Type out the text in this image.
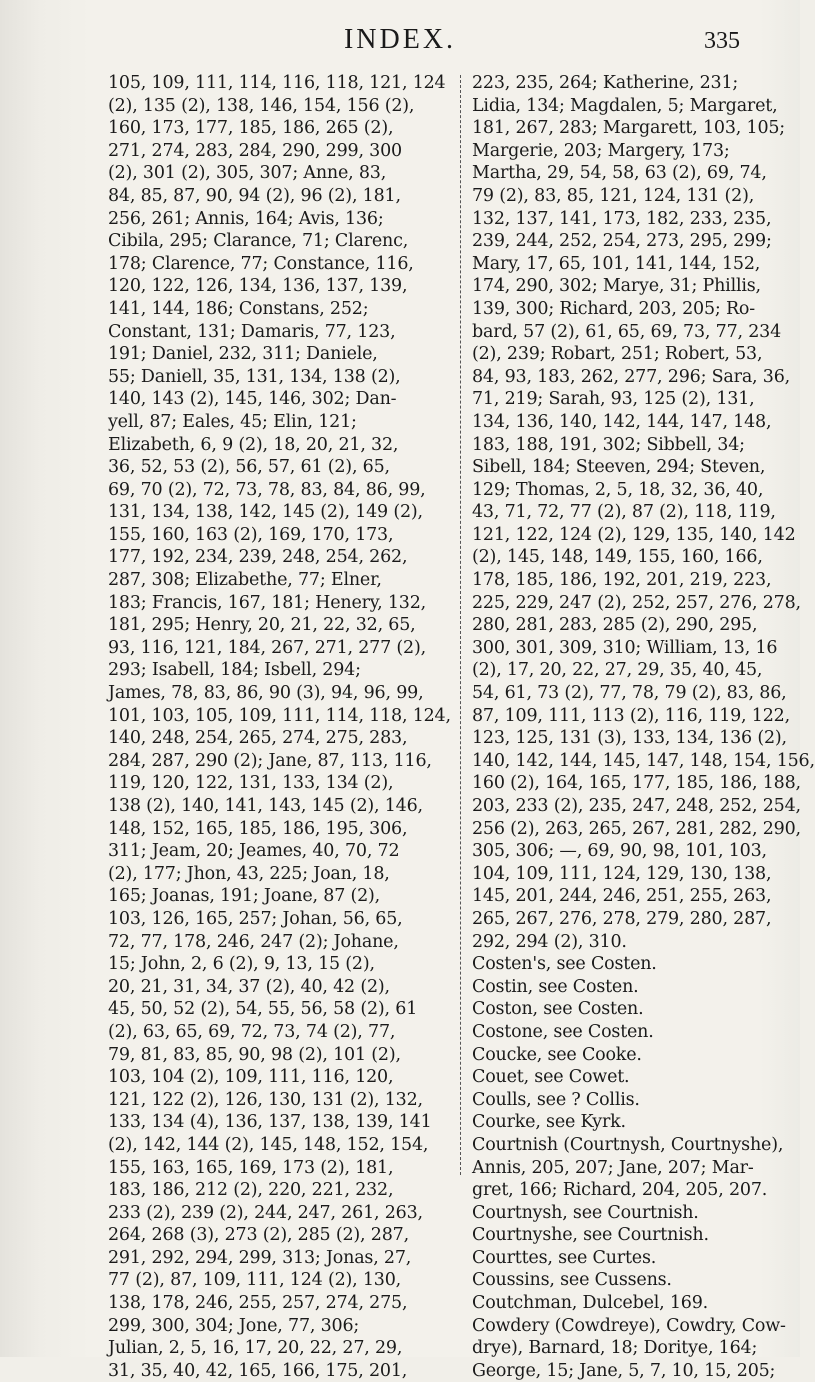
INDEX.	335
105, 109, 111, 114, 116, 118, 121, 124
(2), 135 (2), 138, 146, 154, 156 (2),
160, 173, 177, 185, 186, 265 (2),
271, 274, 283, 284, 290, 299, 300
(2), 301 (2), 305, 307; Anne, 83,
84, 85, 87, 90, 94 (2), 96 (2), 181,
256, 261; Annis, 164; Avis, 136;
Cibila, 295; Clarance, 71; Clarenc,
178; Clarence, 77; Constance, 116,
120, 122, 126, 134, 136, 137, 139,
141, 144, 186; Constans, 252;
Constant, 131; Damaris, 77, 123,
191; Daniel, 232, 311; Daniele,
55; Daniell, 35, 131, 134, 138 (2),
140, 143 (2), 145, 146, 302; Dan-
yell, 87; Eales, 45; Elin, 121;
Elizabeth, 6, 9 (2), 18, 20, 21, 32,
36, 52, 53 (2), 56, 57, 61 (2), 65,
69, 70 (2), 72, 73, 78, 83, 84, 86, 99,
131, 134, 138, 142, 145 (2), 149 (2),
155, 160, 163 (2), 169, 170, 173,
177, 192, 234, 239, 248, 254, 262,
287, 308; Elizabethe, 77; Elner,
183; Francis, 167, 181; Henery, 132,
181, 295; Henry, 20, 21, 22, 32, 65,
93, 116, 121, 184, 267, 271, 277 (2),
293; Isabell, 184; Isbell, 294;
James, 78, 83, 86, 90 (3), 94, 96, 99,
101, 103, 105, 109, 111, 114, 118, 124,
140, 248, 254, 265, 274, 275, 283,
284, 287, 290 (2); Jane, 87, 113, 116,
119, 120, 122, 131, 133, 134 (2),
138 (2), 140, 141, 143, 145 (2), 146,
148, 152, 165, 185, 186, 195, 306,
311; Jeam, 20; Jeames, 40, 70, 72
(2), 177; Jhon, 43, 225; Joan, 18,
165; Joanas, 191; Joane, 87 (2),
103, 126, 165, 257; Johan, 56, 65,
72, 77, 178, 246, 247 (2); Johane,
15; John, 2, 6 (2), 9, 13, 15 (2),
20, 21, 31, 34, 37 (2), 40, 42 (2),
45, 50, 52 (2), 54, 55, 56, 58 (2), 61
(2), 63, 65, 69, 72, 73, 74 (2), 77,
79, 81, 83, 85, 90, 98 (2), 101 (2),
103, 104 (2), 109, 111, 116, 120,
121, 122 (2), 126, 130, 131 (2), 132,
133, 134 (4), 136, 137, 138, 139, 141
(2), 142, 144 (2), 145, 148, 152, 154,
155, 163, 165, 169, 173 (2), 181,
183, 186, 212 (2), 220, 221, 232,
233 (2), 239 (2), 244, 247, 261, 263,
264, 268 (3), 273 (2), 285 (2), 287,
291, 292, 294, 299, 313; Jonas, 27,
77 (2), 87, 109, 111, 124 (2), 130,
138, 178, 246, 255, 257, 274, 275,
299, 300, 304; Jone, 77, 306;
Julian, 2, 5, 16, 17, 20, 22, 27, 29,
31, 35, 40, 42, 165, 166, 175, 201,
223, 235, 264; Katherine, 231;
Lidia, 134; Magdalen, 5; Margaret,
181, 267, 283; Margarett, 103, 105;
Margerie, 203; Margery, 173;
Martha, 29, 54, 58, 63 (2), 69, 74,
79 (2), 83, 85, 121, 124, 131 (2),
132, 137, 141, 173, 182, 233, 235,
239, 244, 252, 254, 273, 295, 299;
Mary, 17, 65, 101, 141, 144, 152,
174, 290, 302; Marye, 31; Phillis,
139, 300; Richard, 203, 205; Ro-
bard, 57 (2), 61, 65, 69, 73, 77, 234
(2), 239; Robart, 251; Robert, 53,
84, 93, 183, 262, 277, 296; Sara, 36,
71, 219; Sarah, 93, 125 (2), 131,
134, 136, 140, 142, 144, 147, 148,
183, 188, 191, 302; Sibbell, 34;
Sibell, 184; Steeven, 294; Steven,
129; Thomas, 2, 5, 18, 32, 36, 40,
43, 71, 72, 77 (2), 87 (2), 118, 119,
121, 122, 124 (2), 129, 135, 140, 142
(2), 145, 148, 149, 155, 160, 166,
178, 185, 186, 192, 201, 219, 223,
225, 229, 247 (2), 252, 257, 276, 278,
280, 281, 283, 285 (2), 290, 295,
300, 301, 309, 310; William, 13, 16
(2), 17, 20, 22, 27, 29, 35, 40, 45,
54, 61, 73 (2), 77, 78, 79 (2), 83, 86,
87, 109, 111, 113 (2), 116, 119, 122,
123, 125, 131 (3), 133, 134, 136 (2),
140, 142, 144, 145, 147, 148, 154, 156,
160 (2), 164, 165, 177, 185, 186, 188,
203, 233 (2), 235, 247, 248, 252, 254,
256 (2), 263, 265, 267, 281, 282, 290,
305, 306; —, 69, 90, 98, 101, 103,
104, 109, 111, 124, 129, 130, 138,
145, 201, 244, 246, 251, 255, 263,
265, 267, 276, 278, 279, 280, 287,
292, 294 (2), 310.
Costen's, see Costen.
Costin, see Costen.
Coston, see Costen.
Costone, see Costen.
Coucke, see Cooke.
Couet, see Cowet.
Coulls, see ? Collis.
Courke, see Kyrk.
Courtnish (Courtnysh, Courtnyshe),
Annis, 205, 207; Jane, 207; Mar-
gret, 166; Richard, 204, 205, 207.
Courtnysh, see Courtnish.
Courtnyshe, see Courtnish.
Courttes, see Curtes.
Coussins, see Cussens.
Coutchman, Dulcebel, 169.
Cowdery (Cowdreye), Cowdry, Cow-
drye), Barnard, 18; Doritye, 164;
George, 15; Jane, 5, 7, 10, 15, 205;
